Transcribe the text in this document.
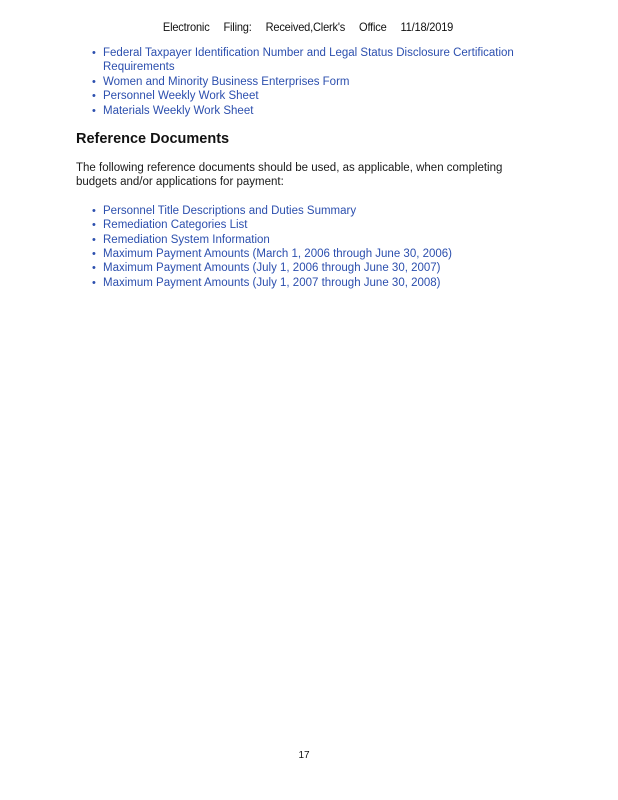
Electronic Filing: Received,Clerk's Office 11/18/2019
• Federal Taxpayer Identification Number and Legal Status Disclosure Certification Requirements
• Women and Minority Business Enterprises Form
• Personnel Weekly Work Sheet
• Materials Weekly Work Sheet
Reference Documents

The following reference documents should be used, as applicable, when completing budgets and/or applications for payment:

• Personnel Title Descriptions and Duties Summary
• Remediation Categories List
• Remediation System Information
• Maximum Payment Amounts (March 1, 2006 through June 30, 2006)
• Maximum Payment Amounts (July 1, 2006 through June 30, 2007)
• Maximum Payment Amounts (July 1, 2007 through June 30, 2008)
17
